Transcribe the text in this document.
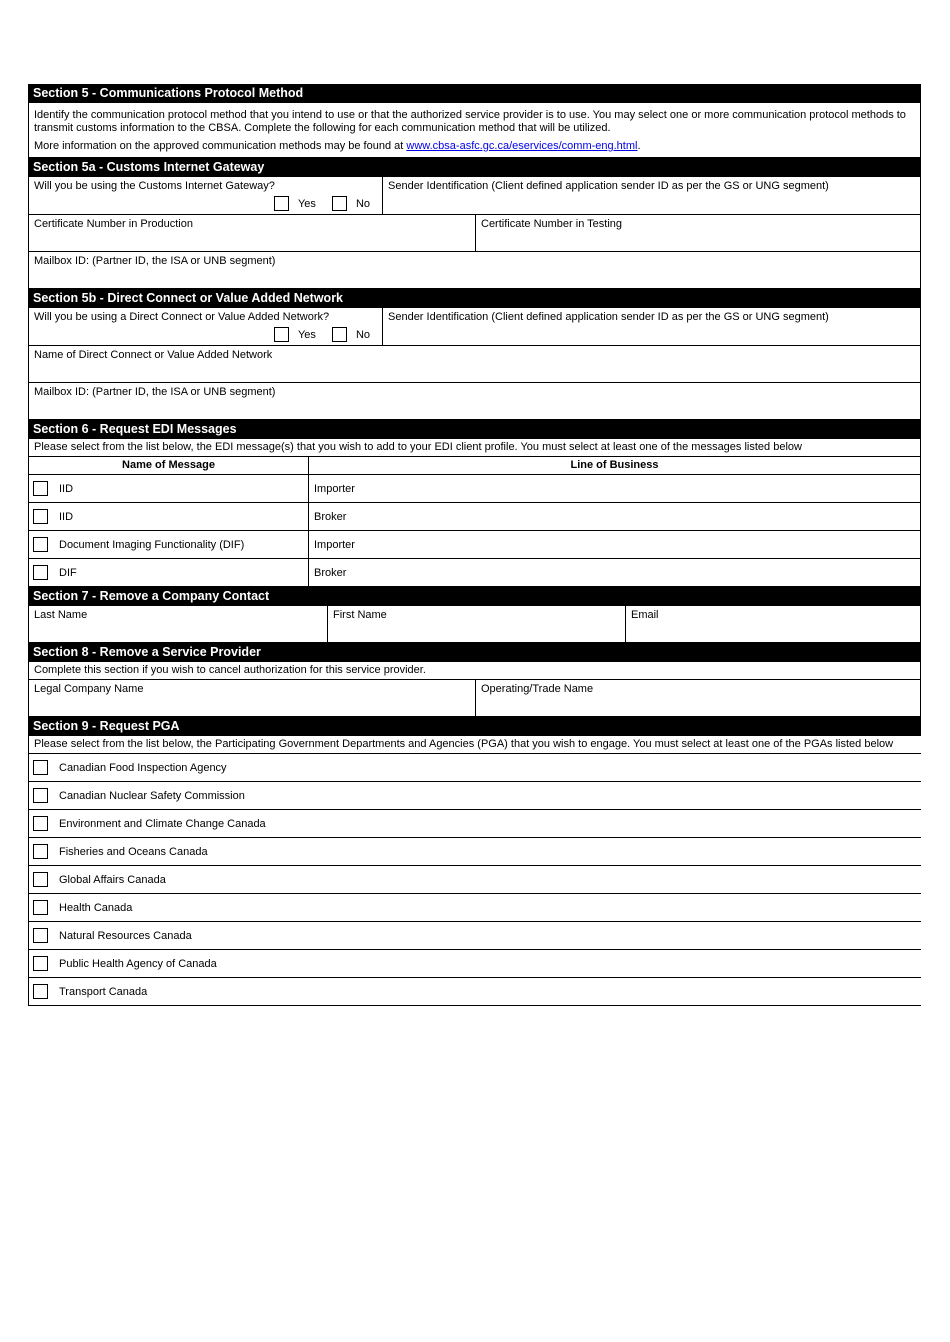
Section 5 - Communications Protocol Method
Identify the communication protocol method that you intend to use or that the authorized service provider is to use. You may select one or more communication protocol methods to transmit customs information to the CBSA. Complete the following for each communication method that will be utilized.
More information on the approved communication methods may be found at www.cbsa-asfc.gc.ca/eservices/comm-eng.html.
Section 5a - Customs Internet Gateway
Will you be using the Customs Internet Gateway?
Yes	No
Sender Identification (Client defined application sender ID as per the GS or UNG segment)
Certificate Number in Production	Certificate Number in Testing
Mailbox ID: (Partner ID, the ISA or UNB segment)
Section 5b - Direct Connect or Value Added Network
Will you be using a Direct Connect or Value Added Network?
Yes	No
Sender Identification (Client defined application sender ID as per the GS or UNG segment)
Name of Direct Connect or Value Added Network
Mailbox ID: (Partner ID, the ISA or UNB segment)
Section 6 - Request EDI Messages
Please select from the list below, the EDI message(s) that you wish to add to your EDI client profile. You must select at least one of the messages listed below
Name of Message	Line of Business
IID	Importer
IID	Broker
Document Imaging Functionality (DIF)	Importer
DIF	Broker
Section 7 - Remove a Company Contact
Last Name	First Name	Email
Section 8 - Remove a Service Provider
Complete this section if you wish to cancel authorization for this service provider.
Legal Company Name	Operating/Trade Name
Section 9 - Request PGA
Please select from the list below, the Participating Government Departments and Agencies (PGA) that you wish to engage. You must select at least one of the PGAs listed below
Canadian Food Inspection Agency
Canadian Nuclear Safety Commission
Environment and Climate Change Canada
Fisheries and Oceans Canada
Global Affairs Canada
Health Canada
Natural Resources Canada
Public Health Agency of Canada
Transport Canada
